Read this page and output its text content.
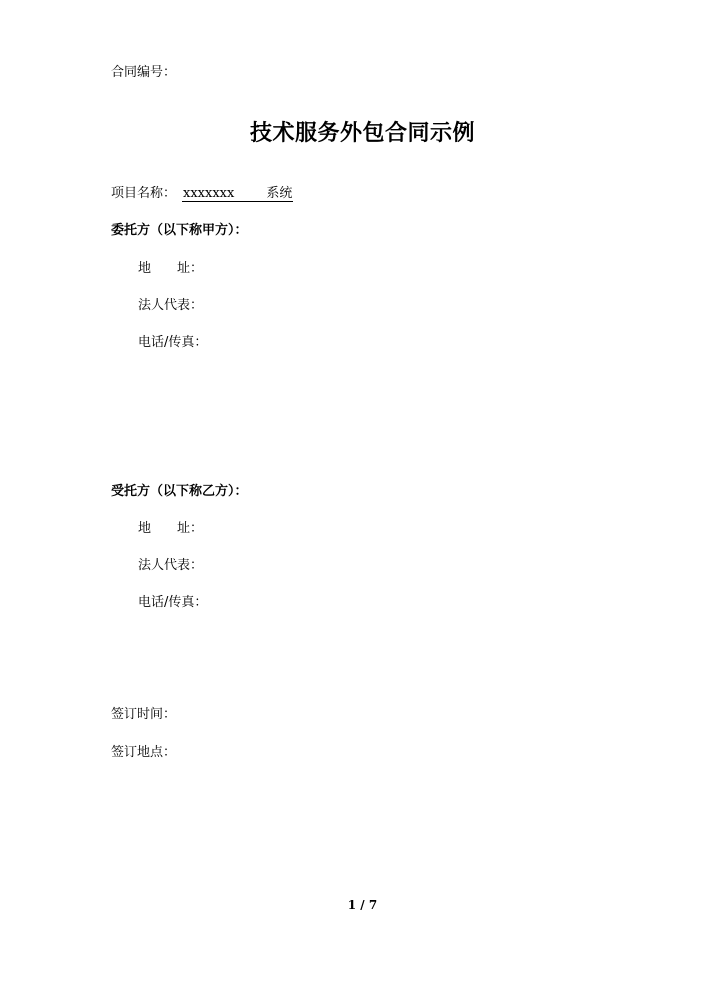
合同编号：
技术服务外包合同示例
项目名称： xxxxxxx 系统
委托方（以下称甲方）：
地 址：
法人代表：
电话/传真：
受托方（以下称乙方）：
地 址：
法人代表：
电话/传真：
签订时间：
签订地点：
1 / 7
